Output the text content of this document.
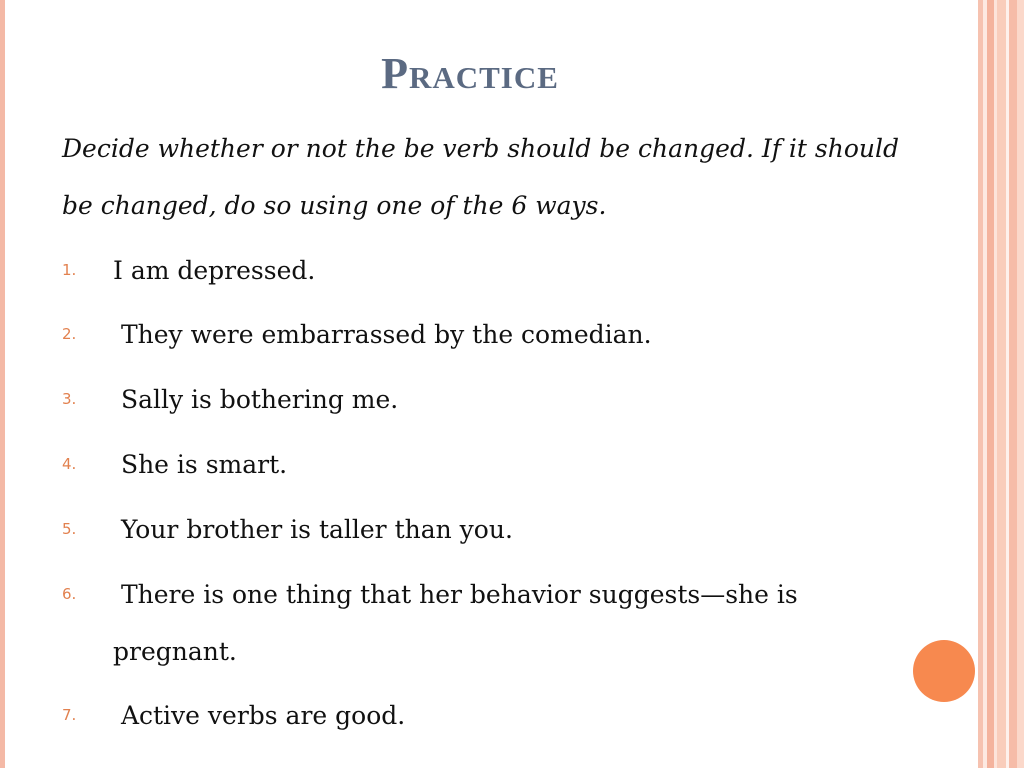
Practice

Decide whether or not the be verb should be changed. If it should be changed, do so using one of the 6 ways.

1. I am depressed.
2. They were embarrassed by the comedian.
3. Sally is bothering me.
4. She is smart.
5. Your brother is taller than you.
6. There is one thing that her behavior suggests—she is pregnant.
7. Active verbs are good.
